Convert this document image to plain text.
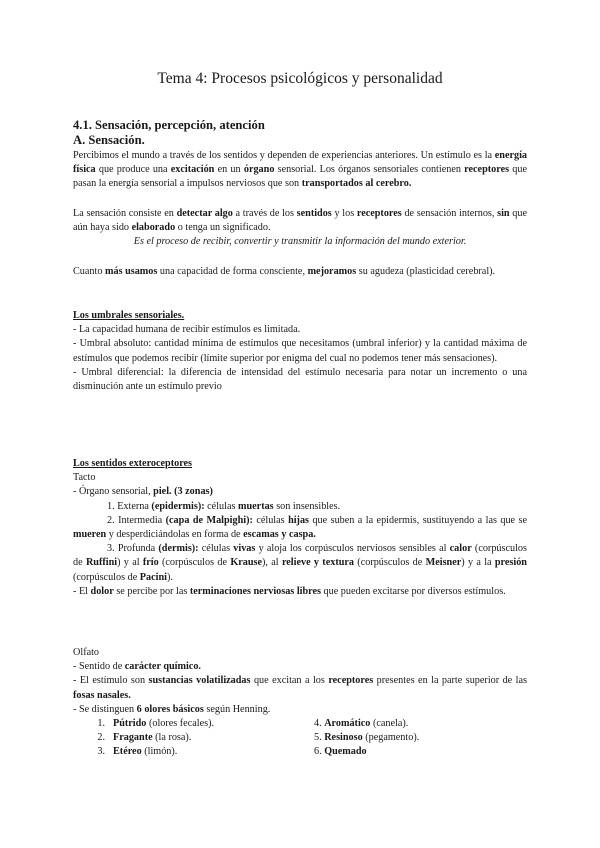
Tema 4: Procesos psicológicos y personalidad
4.1. Sensación, percepción, atención
A. Sensación.
Percibimos el mundo a través de los sentidos y dependen de experiencias anteriores. Un estímulo es la energía física que produce una excitación en un órgano sensorial. Los órganos sensoriales contienen receptores que pasan la energía sensorial a impulsos nerviosos que son transportados al cerebro.
La sensación consiste en detectar algo a través de los sentidos y los receptores de sensación internos, sin que aún haya sido elaborado o tenga un significado.
Es el proceso de recibir, convertir y transmitir la información del mundo exterior.
Cuanto más usamos una capacidad de forma consciente, mejoramos su agudeza (plasticidad cerebral).
Los umbrales sensoriales.
- La capacidad humana de recibir estímulos es limitada.
- Umbral absoluto: cantidad mínima de estímulos que necesitamos (umbral inferior) y la cantidad máxima de estímulos que podemos recibir (límite superior por enigma del cual no podemos tener más sensaciones).
- Umbral diferencial: la diferencia de intensidad del estímulo necesaria para notar un incremento o una disminución ante un estímulo previo
Los sentidos exteroceptores
Tacto
- Órgano sensorial, piel. (3 zonas)
1. Externa (epidermis): células muertas son insensibles.
2. Intermedia (capa de Malpighi): células hijas que suben a la epidermis, sustituyendo a las que se mueren y desperdiciándolas en forma de escamas y caspa.
3. Profunda (dermis): células vivas y aloja los corpúsculos nerviosos sensibles al calor (corpúsculos de Ruffini) y al frío (corpúsculos de Krause), al relieve y textura (corpúsculos de Meisner) y a la presión (corpúsculos de Pacini).
- El dolor se percibe por las terminaciones nerviosas libres que pueden excitarse por diversos estímulos.
Olfato
- Sentido de carácter químico.
- El estímulo son sustancias volatilizadas que excitan a los receptores presentes en la parte superior de las fosas nasales.
- Se distinguen 6 olores básicos según Henning.
1. Pútrido (olores fecales).
2. Fragante (la rosa).
3. Etéreo (limón).
4. Aromático (canela).
5. Resinoso (pegamento).
6. Quemado
